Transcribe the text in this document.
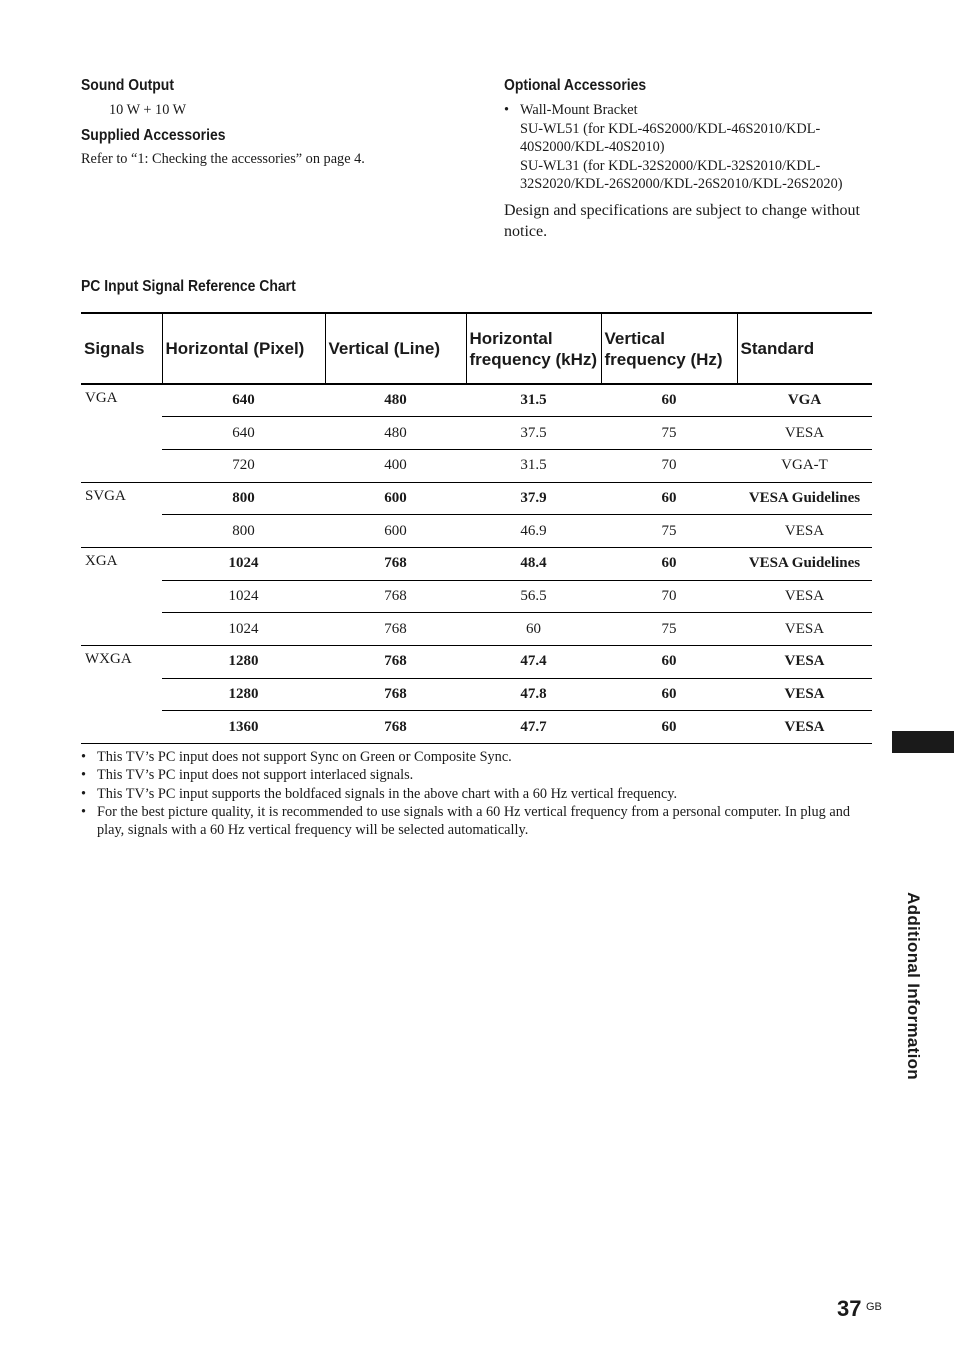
Sound Output

10 W + 10 W

Supplied Accessories

Refer to “1: Checking the accessories” on page 4.

Optional Accessories
• Wall-Mount Bracket
SU-WL51 (for KDL-46S2000/KDL-46S2010/KDL-
40S2000/KDL-40S2010)
SU-WL31 (for KDL-32S2000/KDL-32S2010/KDL-
32S2020/KDL-26S2000/KDL-26S2010/KDL-26S2020)

Design and specifications are subject to change without notice.

PC Input Signal Reference Chart
Signals	Horizontal (Pixel)	Vertical (Line)	Horizontal frequency (kHz)	Vertical frequency (Hz)	Standard
VGA	640	480	31.5	60	VGA
	640	480	37.5	75	VESA
	720	400	31.5	70	VGA-T
SVGA	800	600	37.9	60	VESA Guidelines
	800	600	46.9	75	VESA
XGA	1024	768	48.4	60	VESA Guidelines
	1024	768	56.5	70	VESA
	1024	768	60	75	VESA
WXGA	1280	768	47.4	60	VESA
	1280	768	47.8	60	VESA
	1360	768	47.7	60	VESA
• This TV’s PC input does not support Sync on Green or Composite Sync.
• This TV’s PC input does not support interlaced signals.
• This TV’s PC input supports the boldfaced signals in the above chart with a 60 Hz vertical frequency.
• For the best picture quality, it is recommended to use signals with a 60 Hz vertical frequency from a personal computer. In plug and play, signals with a 60 Hz vertical frequency will be selected automatically.
Additional Information
37 GB
